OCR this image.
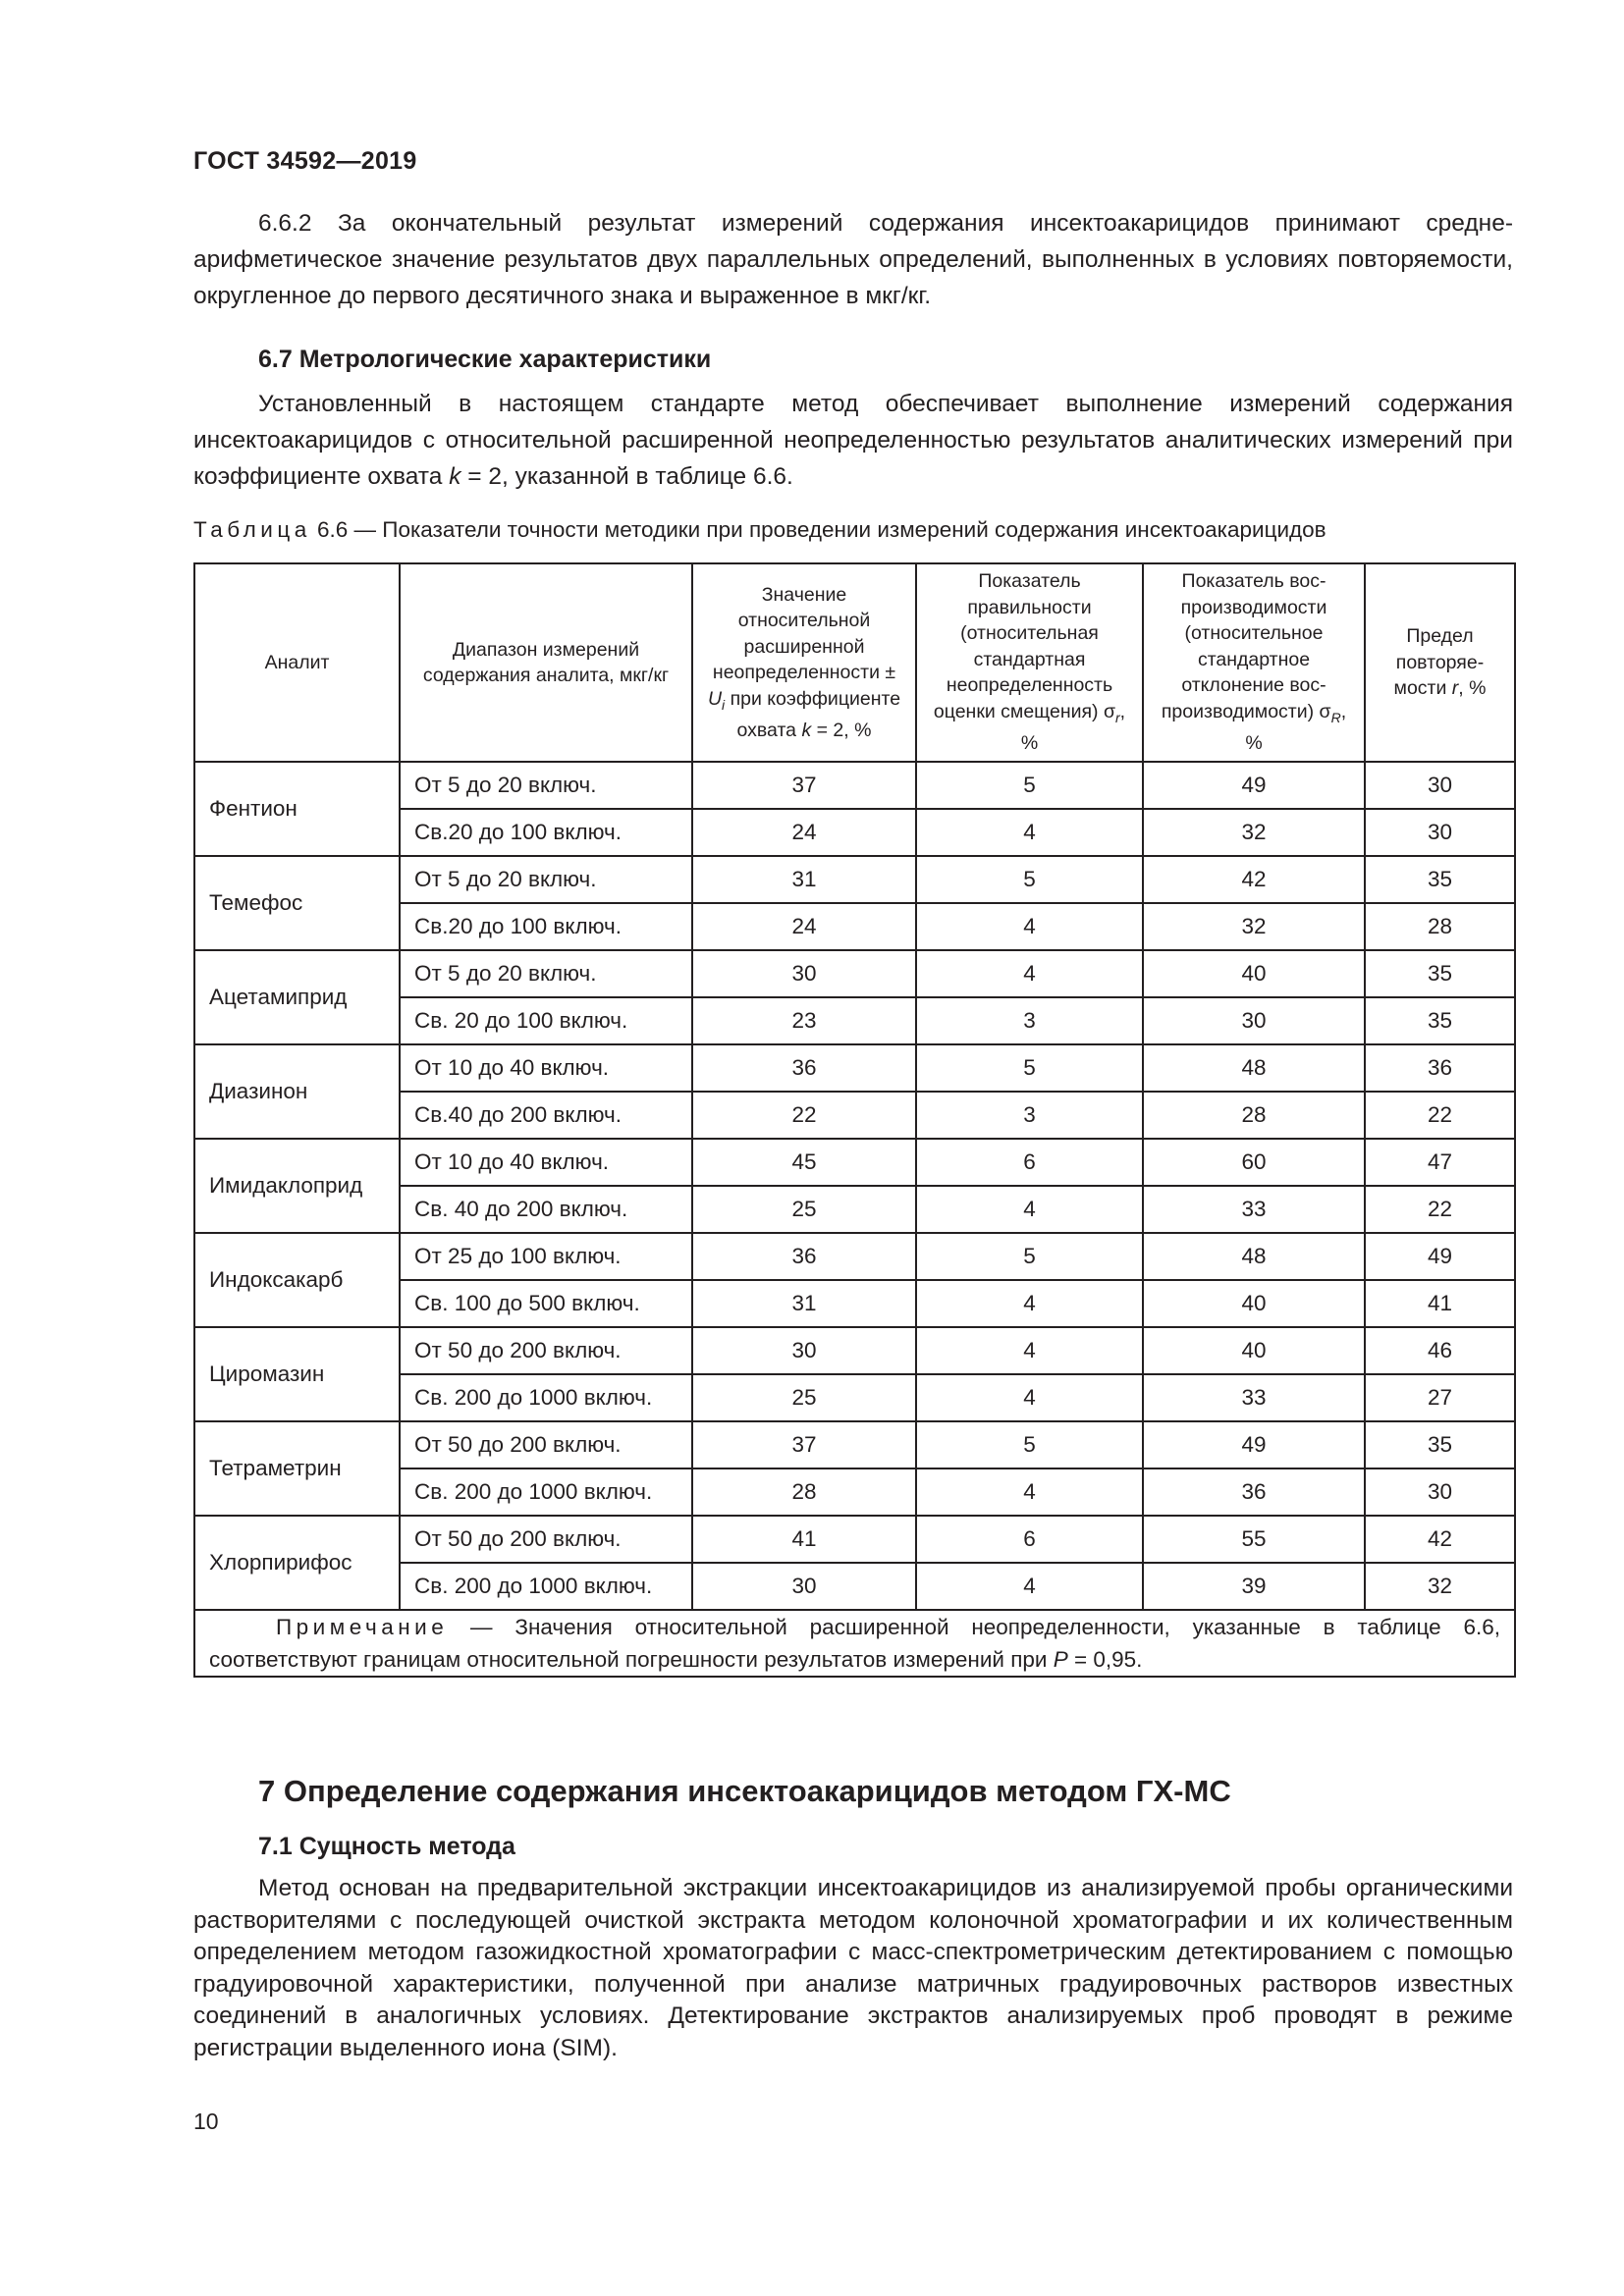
ГОСТ 34592—2019

6.6.2 За окончательный результат измерений содержания инсектоакарицидов принимают среднеарифметическое значение результатов двух параллельных определений, выполненных в условиях повторяемости, округленное до первого десятичного знака и выраженное в мкг/кг.

6.7 Метрологические характеристики

Установленный в настоящем стандарте метод обеспечивает выполнение измерений содержания инсектоакарицидов с относительной расширенной неопределенностью результатов аналитических измерений при коэффициенте охвата k = 2, указанной в таблице 6.6.

Таблица 6.6 — Показатели точности методики при проведении измерений содержания инсектоакарицидов
Аналит	Диапазон измерений содержания аналита, мкг/кг	Значение относительной расширенной неопределенности ± $U_i$ при коэффициенте охвата k = 2, %	Показатель правильности (относительная стандартная неопределенность оценки смещения) $\sigma_r$, %	Показатель воспроизводимости (относительное стандартное отклонение воспроизводимости) $\sigma_R$, %	Предел повторяемости r, %
Фентион	От 5 до 20 включ.	37	5	49	30
	Св.20 до 100 включ.	24	4	32	30
Темефос	От 5 до 20 включ.	31	5	42	35
	Св.20 до 100 включ.	24	4	32	28
Ацетамиприд	От 5 до 20 включ.	30	4	40	35
	Св. 20 до 100 включ.	23	3	30	35
Диазинон	От 10 до 40 включ.	36	5	48	36
	Св.40 до 200 включ.	22	3	28	22
Имидаклоприд	От 10 до 40 включ.	45	6	60	47
	Св. 40 до 200 включ.	25	4	33	22
Индоксакарб	От 25 до 100 включ.	36	5	48	49
	Св. 100 до 500 включ.	31	4	40	41
Циромазин	От 50 до 200 включ.	30	4	40	46
	Св. 200 до 1000 включ.	25	4	33	27
Тетраметрин	От 50 до 200 включ.	37	5	49	35
	Св. 200 до 1000 включ.	28	4	36	30
Хлорпирифос	От 50 до 200 включ.	41	6	55	42
	Св. 200 до 1000 включ.	30	4	39	32
Примечание — Значения относительной расширенной неопределенности, указанные в таблице 6.6, соответствуют границам относительной погрешности результатов измерений при P = 0,95.					
7 Определение содержания инсектоакарицидов методом ГХ-МС
7.1 Сущность метода

Метод основан на предварительной экстракции инсектоакарицидов из анализируемой пробы органическими растворителями с последующей очисткой экстракта методом колоночной хроматографии и их количественным определением методом газожидкостной хроматографии с масс-спектрометрическим детектированием с помощью градуировочной характеристики, полученной при анализе матричных градуировочных растворов известных соединений в аналогичных условиях. Детектирование экстрактов анализируемых проб проводят в режиме регистрации выделенного иона (SIM).

10
